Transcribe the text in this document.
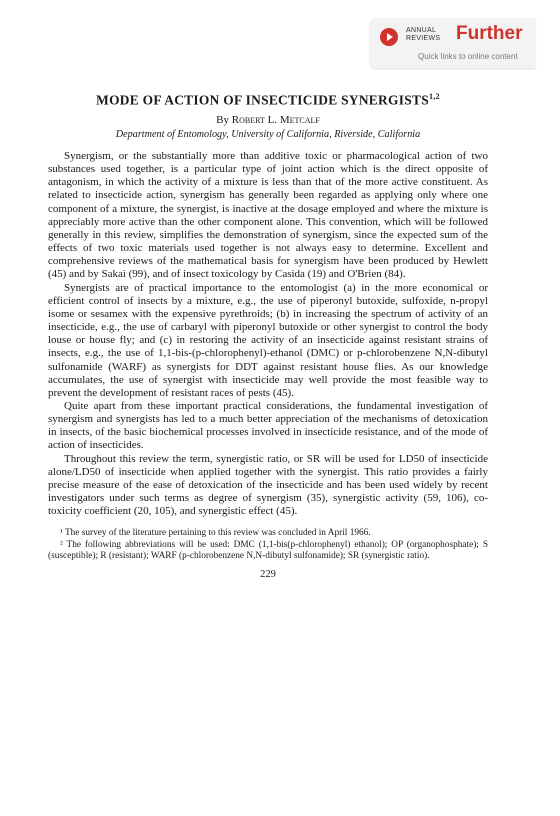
ANNUAL
REVIEWS Further
Quick links to online content
MODE OF ACTION OF INSECTICIDE SYNERGISTS$^{1,2}$
By Robert L. Metcalf
Department of Entomology, University of California, Riverside, California

Synergism, or the substantially more than additive toxic or pharmacological action of two substances used together, is a particular type of joint action which is the direct opposite of antagonism, in which the activity of a mixture is less than that of the more active constituent. As related to insecticide action, synergism has generally been regarded as applying only where one component of a mixture, the synergist, is inactive at the dosage employed and where the mixture is appreciably more active than the other component alone. This convention, which will be followed generally in this review, simplifies the demonstration of synergism, since the expected sum of the effects of two toxic materials used together is not always easy to determine. Excellent and comprehensive reviews of the mathematical basis for synergism have been produced by Hewlett (45) and by Sakai (99), and of insect toxicology by Casida (19) and O'Brien (84).

Synergists are of practical importance to the entomologist (a) in the more economical or efficient control of insects by a mixture, e.g., the use of piperonyl butoxide, sulfoxide, n-propyl isome or sesamex with the expensive pyrethroids; (b) in increasing the spectrum of activity of an insecticide, e.g., the use of carbaryl with piperonyl butoxide or other synergist to control the body louse or house fly; and (c) in restoring the activity of an insecticide against resistant strains of insects, e.g., the use of 1,1-bis-(p-chlorophenyl)-ethanol (DMC) or p-chlorobenzene N,N-dibutyl sulfonamide (WARF) as synergists for DDT against resistant house flies. As our knowledge accumulates, the use of synergist with insecticide may well provide the most feasible way to prevent the development of resistant races of pests (45).

Quite apart from these important practical considerations, the fundamental investigation of synergism and synergists has led to a much better appreciation of the mechanisms of detoxication in insects, of the basic biochemical processes involved in insecticide resistance, and of the mode of action of insecticides.

Throughout this review the term, synergistic ratio, or SR will be used for LD50 of insecticide alone/LD50 of insecticide when applied together with the synergist. This ratio provides a fairly precise measure of the ease of detoxication of the insecticide and has been used widely by recent investigators under such terms as degree of synergism (35), synergistic activity (59, 106), co-toxicity coefficient (20, 105), and synergistic effect (45).

¹ The survey of the literature pertaining to this review was concluded in April 1966.

² The following abbreviations will be used: DMC (1,1-bis(p-chlorophenyl) ethanol); OP (organophosphate); S (susceptible); R (resistant); WARF (p-chlorobenzene N,N-dibutyl sulfonamide); SR (synergistic ratio).

229
